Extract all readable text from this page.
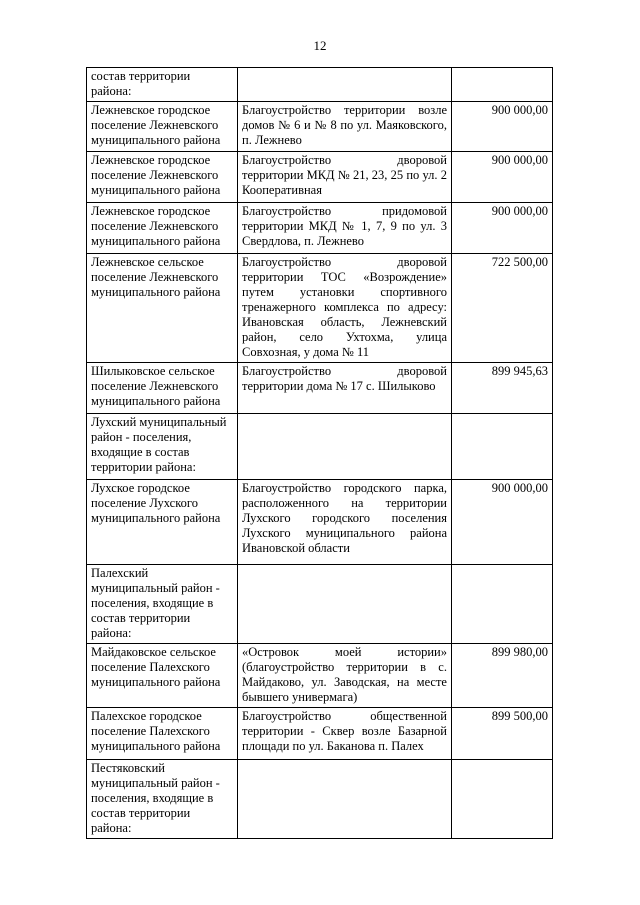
12
состав территории района:			
Лежневское городское поселение Лежневского муниципального района	Благоустройство территории возле домов № 6 и № 8 по ул. Маяковского, п. Лежнево	900 000,00	
Лежневское городское поселение Лежневского муниципального района	Благоустройство дворовой территории МКД № 21, 23, 25 по ул. 2 Кооперативная	900 000,00	
Лежневское городское поселение Лежневского муниципального района	Благоустройство придомовой территории МКД № 1, 7, 9 по ул. 3 Свердлова, п. Лежнево	900 000,00	
Лежневское сельское поселение Лежневского муниципального района	Благоустройство дворовой территории ТОС «Возрождение» путем установки спортивного тренажерного комплекса по адресу: Ивановская область, Лежневский район, село Ухтохма, улица Совхозная, у дома № 11	722 500,00	
Шилыковское сельское поселение Лежневского муниципального района	Благоустройство дворовой территории дома № 17 с. Шилыково	899 945,63	
Лухский муниципальный район - поселения, входящие в состав территории района:			
Лухское городское поселение Лухского муниципального района	Благоустройство городского парка, расположенного на территории Лухского городского поселения Лухского муниципального района Ивановской области	900 000,00	
Палехский муниципальный район - поселения, входящие в состав территории района:			
Майдаковское сельское поселение Палехского муниципального района	«Островок моей истории» (благоустройство территории в с. Майдаково, ул. Заводская, на месте бывшего универмага)	899 980,00	
Палехское городское поселение Палехского муниципального района	Благоустройство общественной территории - Сквер возле Базарной площади по ул. Баканова п. Палех	899 500,00	
Пестяковский муниципальный район - поселения, входящие в состав территории района:			
